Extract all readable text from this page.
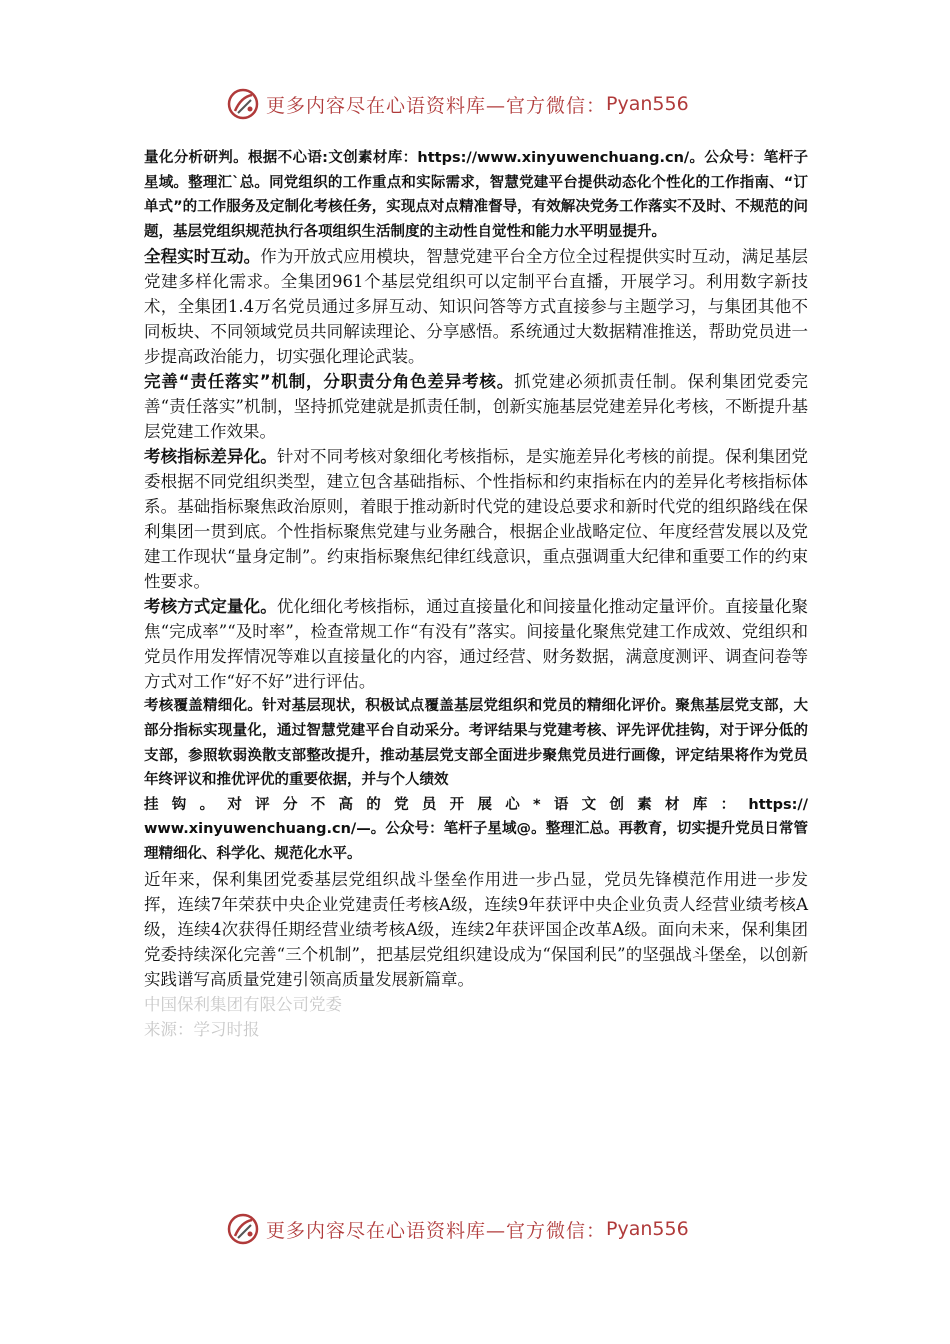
更多内容尽在心语资料库—官方微信： Pyan556

量化分析研判。根据不心语:文创素材库：https://www.xinyuwenchuang.cn/。公众号：笔杆子星域。整理汇`总。同党组织的工作重点和实际需求，智慧党建平台提供动态化个性化的工作指南、“订单式”的工作服务及定制化考核任务，实现点对点精准督导，有效解决党务工作落实不及时、不规范的问题，基层党组织规范执行各项组织生活制度的主动性自觉性和能力水平明显提升。

全程实时互动。作为开放式应用模块，智慧党建平台全方位全过程提供实时互动，满足基层党建多样化需求。全集团961个基层党组织可以定制平台直播，开展学习。利用数字新技术，全集团1.4万名党员通过多屏互动、知识问答等方式直接参与主题学习，与集团其他不同板块、不同领域党员共同解读理论、分享感悟。系统通过大数据精准推送，帮助党员进一步提高政治能力，切实强化理论武装。

完善“责任落实”机制，分职责分角色差异考核。抓党建必须抓责任制。保利集团党委完善“责任落实”机制，坚持抓党建就是抓责任制，创新实施基层党建差异化考核，不断提升基层党建工作效果。

考核指标差异化。针对不同考核对象细化考核指标，是实施差异化考核的前提。保利集团党委根据不同党组织类型，建立包含基础指标、个性指标和约束指标在内的差异化考核指标体系。基础指标聚焦政治原则，着眼于推动新时代党的建设总要求和新时代党的组织路线在保利集团一贯到底。个性指标聚焦党建与业务融合，根据企业战略定位、年度经营发展以及党建工作现状“量身定制”。约束指标聚焦纪律红线意识，重点强调重大纪律和重要工作的约束性要求。

考核方式定量化。优化细化考核指标，通过直接量化和间接量化推动定量评价。直接量化聚焦“完成率”“及时率”，检查常规工作“有没有”落实。间接量化聚焦党建工作成效、党组织和党员作用发挥情况等难以直接量化的内容，通过经营、财务数据，满意度测评、调查问卷等方式对工作“好不好”进行评估。

考核覆盖精细化。针对基层现状，积极试点覆盖基层党组织和党员的精细化评价。聚焦基层党支部，大部分指标实现量化，通过智慧党建平台自动采分。考评结果与党建考核、评先评优挂钩，对于评分低的支部，参照软弱涣散支部整改提升，推动基层党支部全面进步聚焦党员进行画像，评定结果将作为党员年终评议和推优评优的重要依据，并与个人绩效

挂钩。对评分不高的党员开展心*语文创素材库：https://

www.xinyuwenchuang.cn/—。公众号：笔杆子星域@。整理汇总。再教育，切实提升党员日常管理精细化、科学化、规范化水平。

近年来，保利集团党委基层党组织战斗堡垒作用进一步凸显，党员先锋模范作用进一步发挥，连续7年荣获中央企业党建责任考核A级，连续9年获评中央企业负责人经营业绩考核A级，连续4次获得任期经营业绩考核A级，连续2年获评国企改革A级。面向未来，保利集团党委持续深化完善“三个机制”，把基层党组织建设成为“保国利民”的坚强战斗堡垒，以创新实践谱写高质量党建引领高质量发展新篇章。

中国保利集团有限公司党委

来源：学习时报

更多内容尽在心语资料库—官方微信： Pyan556
